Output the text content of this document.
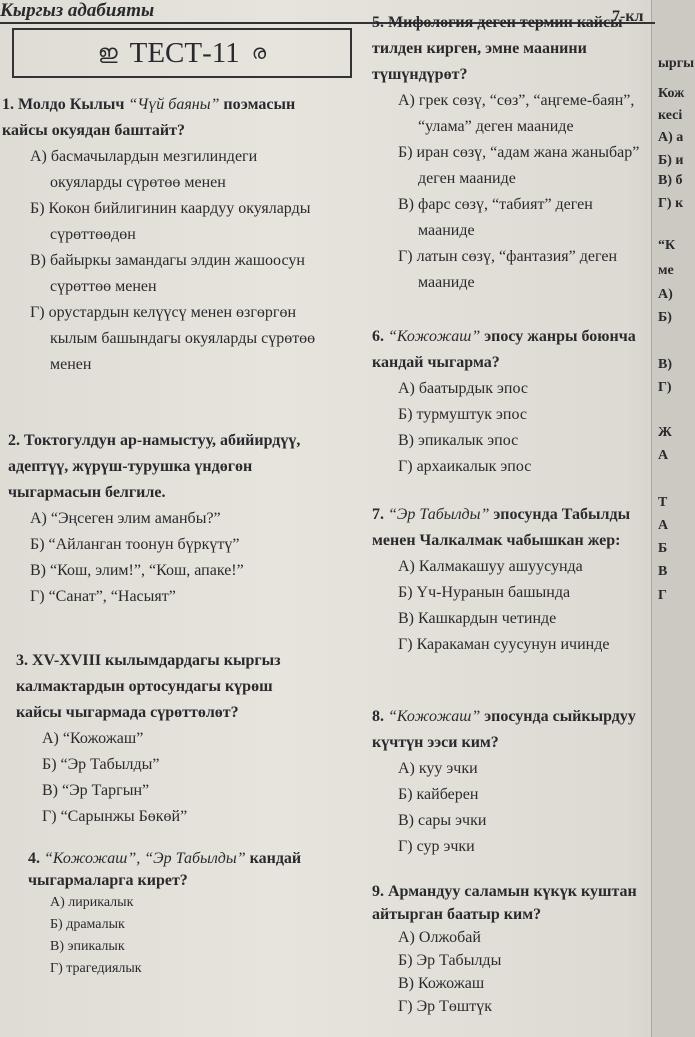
ыргы
Кож
кесі
А) а
Б) и
В) б
Г) к
“К
ме
А)
Б)
В)
Г)
Ж
А
Т
А
Б
В
Г
Кыргыз адабияты	7-кл
ഇ ТЕСТ-11 ര
1. Молдо Кылыч “Чүй баяны” поэмасын кайсы окуядан баштайт?
А) басмачылардын мезгилиндеги окуяларды сүрөтөө менен
Б) Кокон бийлигинин каардуу окуяларды сүрөттөөдөн
В) байыркы замандагы элдин жашоосун сүрөттөө менен
Г) орустардын келүүсү менен өзгөргөн кылым башындагы окуяларды сүрөтөө менен
2. Токтогулдун ар-намыстуу, абийирдүү, адептүү, жүрүш-турушка үндөгөн чыгармасын белгиле.
А) “Эңсеген элим аманбы?”
Б) “Айланган тоонун бүркүтү”
В) “Кош, элим!”, “Кош, апаке!”
Г) “Санат”, “Насыят”
3. XV-XVIII кылымдардагы кыргыз калмактардын ортосундагы күрөш кайсы чыгармада сүрөттөлөт?
А) “Кожожаш”
Б) “Эр Табылды”
В) “Эр Таргын”
Г) “Сарынжы Бөкөй”
4. “Кожожаш”, “Эр Табылды” кандай чыгармаларга кирет?
А) лирикалык
Б) драмалык
В) эпикалык
Г) трагедиялык
5. Мифология деген термин кайсы тилден кирген, эмне маанини түшүндүрөт?
А) грек сөзү, “сөз”, “аңгеме-баян”, “улама” деген мааниде
Б) иран сөзү, “адам жана жаныбар” деген мааниде
В) фарс сөзү, “табият” деген мааниде
Г) латын сөзү, “фантазия” деген мааниде
6. “Кожожаш” эпосу жанры боюнча кандай чыгарма?
А) баатырдык эпос
Б) турмуштук эпос
В) эпикалык эпос
Г) архаикалык эпос
7. “Эр Табылды” эпосунда Табылды менен Чалкалмак чабышкан жер:
А) Калмакашуу ашуусунда
Б) Үч-Нуранын башында
В) Кашкардын четинде
Г) Каракаман суусунун ичинде
8. “Кожожаш” эпосунда сыйкырдуу күчтүн ээси ким?
А) куу эчки
Б) кайберен
В) сары эчки
Г) сур эчки
9. Армандуу саламын күкүк куштан айтырган баатыр ким?
А) Олжобай
Б) Эр Табылды
В) Кожожаш
Г) Эр Төштүк
